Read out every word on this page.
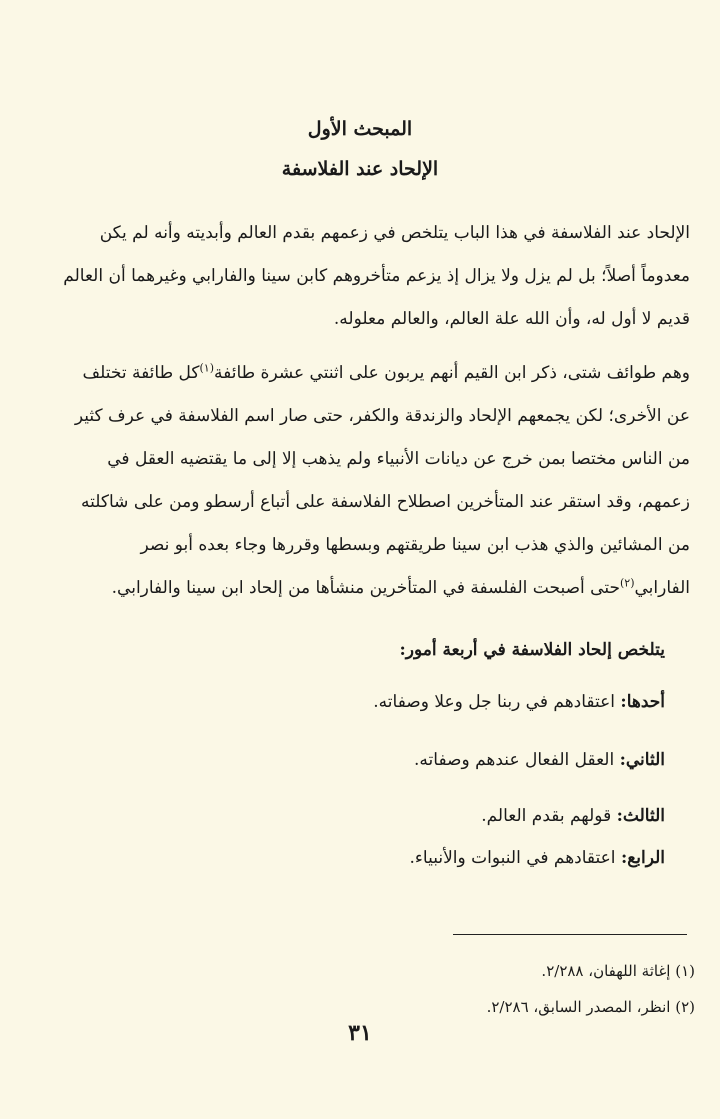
المبحث الأول
الإلحاد عند الفلاسفة
الإلحاد عند الفلاسفة في هذا الباب يتلخص في زعمهم بقدم العالم وأبديته وأنه لم يكن
معدوماً أصلاً؛ بل لم يزل ولا يزال إذ يزعم متأخروهم كابن سينا والفارابي وغيرهما أن العالم
قديم لا أول له، وأن الله علة العالم، والعالم معلوله.
وهم طوائف شتى، ذكر ابن القيم أنهم يربون على اثنتي عشرة طائفة$^{(١)}$كل طائفة تختلف
عن الأخرى؛ لكن يجمعهم الإلحاد والزندقة والكفر، حتى صار اسم الفلاسفة في عرف كثير
من الناس مختصا بمن خرج عن ديانات الأنبياء ولم يذهب إلا إلى ما يقتضيه العقل في
زعمهم، وقد استقر عند المتأخرين اصطلاح الفلاسفة على أتباع أرسطو ومن على شاكلته
من المشائين والذي هذب ابن سينا طريقتهم وبسطها وقررها وجاء بعده أبو نصر
الفارابي$^{(٢)}$حتى أصبحت الفلسفة في المتأخرين منشأها من إلحاد ابن سينا والفارابي.
يتلخص إلحاد الفلاسفة في أربعة أمور:
أحدها: اعتقادهم في ربنا جل وعلا وصفاته.
الثاني: العقل الفعال عندهم وصفاته.
الثالث: قولهم بقدم العالم.
الرابع: اعتقادهم في النبوات والأنبياء.
(١) إغاثة اللهفان، ٢/٢٨٨.
(٢) انظر، المصدر السابق، ٢/٢٨٦.
٣١
